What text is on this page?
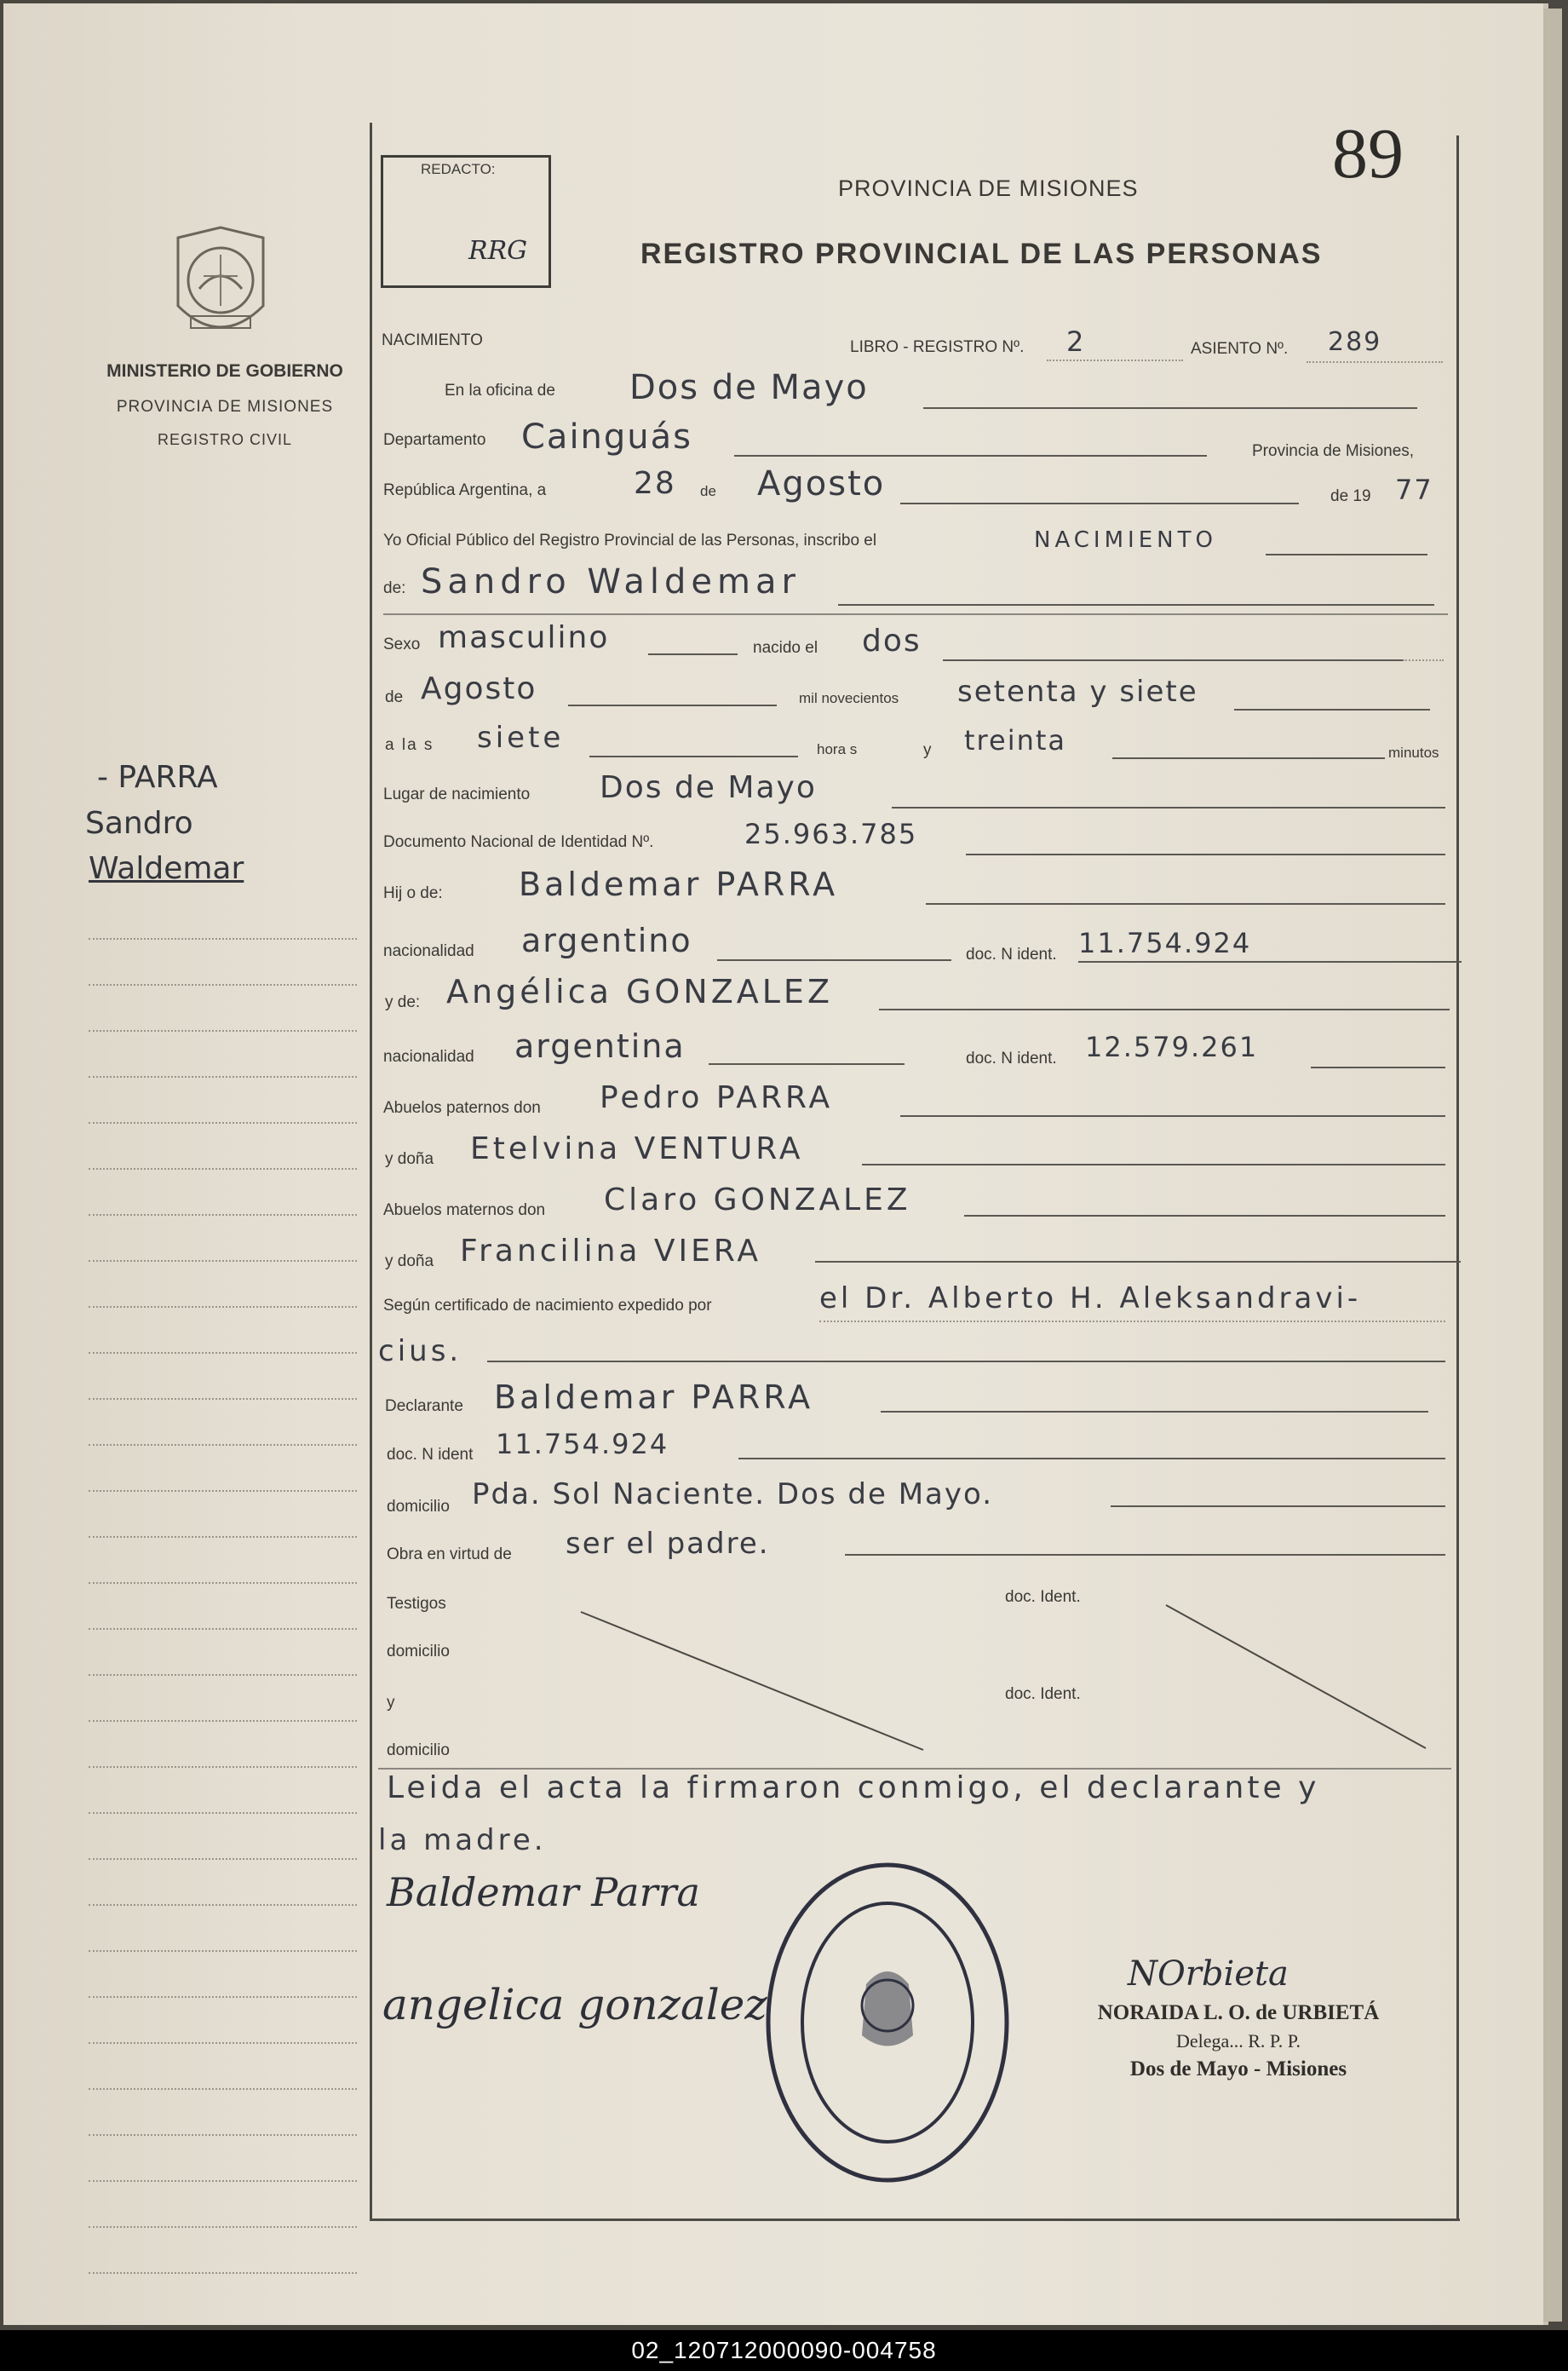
MINISTERIO DE GOBIERNO
PROVINCIA DE MISIONES
REGISTRO CIVIL
- PARRA
Sandro
Waldemar
REDACTO:
RRG
89
PROVINCIA DE MISIONES
REGISTRO PROVINCIAL DE LAS PERSONAS
NACIMIENTO	LIBRO - REGISTRO Nº. 2	ASIENTO Nº. 289
En la oficina de Dos de Mayo
Departamento Cainguás	Provincia de Misiones,
República Argentina, a	28 de Agosto	de 19 77
Yo Oficial Público del Registro Provincial de las Personas, inscribo el	NACIMIENTO
de: Sandro Waldemar
Sexo masculino	nacido el dos
de Agosto	mil novecientos setenta y siete
a la s siete	hora s	y treinta	minutos
Lugar de nacimiento Dos de Mayo
Documento Nacional de Identidad Nº.	25.963.785
Hij o de: Baldemar PARRA
nacionalidad argentino	doc. N ident. 11.754.924
y de: Angélica GONZALEZ
nacionalidad argentina	doc. N ident. 12.579.261
Abuelos paternos don Pedro PARRA
y doña Etelvina VENTURA
Abuelos maternos don Claro GONZALEZ
y doña Francilina VIERA
Según certificado de nacimiento expedido por	el Dr. Alberto H. Aleksandravi-
cius.
Declarante Baldemar PARRA
doc. N ident 11.754.924
domicilio Pda. Sol Naciente. Dos de Mayo.
Obra en virtud de ser el padre.
Testigos	doc. Ident.
domicilio
y	doc. Ident.
domicilio
Leida el acta la firmaron conmigo, el declarante y
la madre.
Baldemar Parra
angelica gonzalez
NOrbieta
NORAIDA L. O. de URBIETÁ
Delega... R. P. P.
Dos de Mayo - Misiones
02_120712000090-004758
